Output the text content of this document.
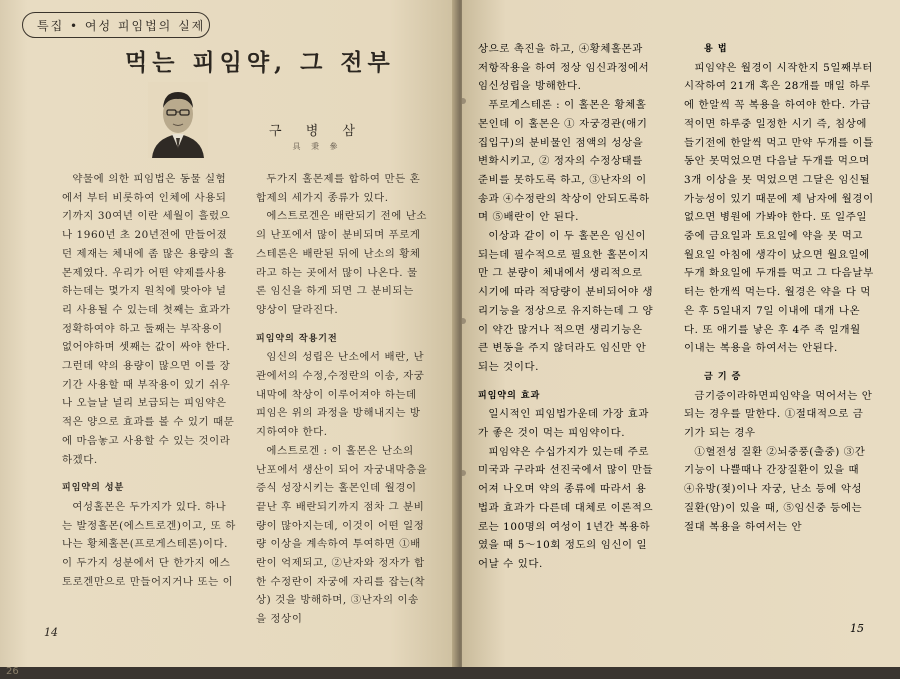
특집 • 여성 피임법의 실제
먹는 피임약, 그 전부
구 병 삼
具 秉 參

약물에 의한 피임법은 동물 실험에서 부터 비롯하여 인체에 사용되기까지 30여년 이란 세월이 흘렀으나 1960년 초 20년전에 만들어졌던 제재는 체내에 좀 많은 용량의 홀몬제였다. 우리가 어떤 약제를사용하는데는 몇가지 원칙에 맞아야 널리 사용될 수 있는데 첫째는 효과가 정확하여야 하고 둘째는 부작용이 없어야하며 셋째는 값이 싸야 한다. 그런데 약의 용량이 많으면 이를 장기간 사용할 때 부작용이 있기 쉬우나 오늘날 널리 보급되는 피임약은 적은 양으로 효과를 볼 수 있기 때문에 마음놓고 사용할 수 있는 것이라 하겠다.

피임약의 성분

여성홀몬은 두가지가 있다. 하나는 발정홀몬(에스트로겐)이고, 또 하나는 황체홀몬(프로게스테론)이다. 이 두가지 성분에서 단 한가지 에스토로겐만으로 만들어지거나 또는 이

두가지 홀몬제를 합하여 만든 혼합제의 세가지 종류가 있다.

에스트로겐은 배란되기 전에 난소의 난포에서 많이 분비되며 푸로게스테론은 배란된 뒤에 난소의 황체라고 하는 곳에서 많이 나온다. 물론 임신을 하게 되면 그 분비되는 양상이 달라진다.

피임약의 작용기전

임신의 성립은 난소에서 배란, 난관에서의 수정,수정란의 이송, 자궁내막에 착상이 이루어져야 하는데 피임은 위의 과정을 방해내지는 방지하여야 한다.

에스트로겐 : 이 홀몬은 난소의 난포에서 생산이 되어 자궁내막층을 증식 성장시키는 홀몬인데 월경이 끝난 후 배란되기까지 점차 그 분비량이 많아지는데, 이것이 어떤 일정량 이상을 계속하여 투여하면 ①배란이 억제되고, ②난자와 정자가 합한 수정란이 자궁에 자리를 잡는(착상) 것을 방해하며, ③난자의 이송을 정상이

14

상으로 촉진을 하고, ④황체홀몬과 저항작용을 하여 정상 임신과정에서 임신성립을 방해한다.

푸로게스테론 : 이 홀몬은 황체홀몬인데 이 홀몬은 ① 자궁경관(애기집입구)의 분비물인 점액의 성상을 변화시키고, ② 정자의 수정상태를 준비를 못하도록 하고, ③난자의 이송과 ④수정란의 착상이 안되도록하며 ⑤배란이 안 된다.

이상과 같이 이 두 홀몬은 임신이 되는데 필수적으로 필요한 홀몬이지만 그 분량이 체내에서 생리적으로 시기에 따라 적당량이 분비되어야 생리기능을 정상으로 유지하는데 그 양이 약간 많거나 적으면 생리기능은 큰 변동을 주지 않더라도 임신만 안되는 것이다.

피임약의 효과

일시적인 피임법가운데 가장 효과가 좋은 것이 먹는 피임약이다.

피임약은 수십가지가 있는데 주로 미국과 구라파 선진국에서 많이 만들어져 나오며 약의 종류에 따라서 용법과 효과가 다른데 대체로 이론적으로는 100명의 여성이 1년간 복용하였을 때 5～10회 정도의 임신이 일어날 수 있다.

용 법

피임약은 월경이 시작한지 5일째부터 시작하여 21개 혹은 28개를 매일 하루에 한알씩 꼭 복용을 하여야 한다. 가급적이면 하루중 일정한 시기 즉, 침상에 들기전에 한알씩 먹고 만약 두개를 이틀동안 못먹었으면 다음날 두개를 먹으며 3개 이상을 못 먹었으면 그달은 임신될 가능성이 있기 때문에 제 남자에 월경이 없으면 병원에 가봐야 한다. 또 일주일중에 금요일과 토요일에 약을 못 먹고 월요일 아침에 생각이 났으면 월요일에 두개 화요일에 두개를 먹고 그 다음날부터는 한개씩 먹는다. 월경은 약을 다 먹은 후 5일내지 7일 이내에 대개 나온다. 또 애기를 낳은 후 4주 족 일개월 이내는 복용을 하여서는 안된다.

금 기 증

금기증이라하면피임약을 먹어서는 안되는 경우를 말한다. ①절대적으로 금기가 되는 경우

①혈전성 질환 ②뇌중풍(출중) ③간기능이 나쁠때나 간장질환이 있을 때 ④유방(젖)이나 자궁, 난소 등에 악성 질환(암)이 있을 때, ⑤임신중 등에는 절대 복용을 하여서는 안

15
26
